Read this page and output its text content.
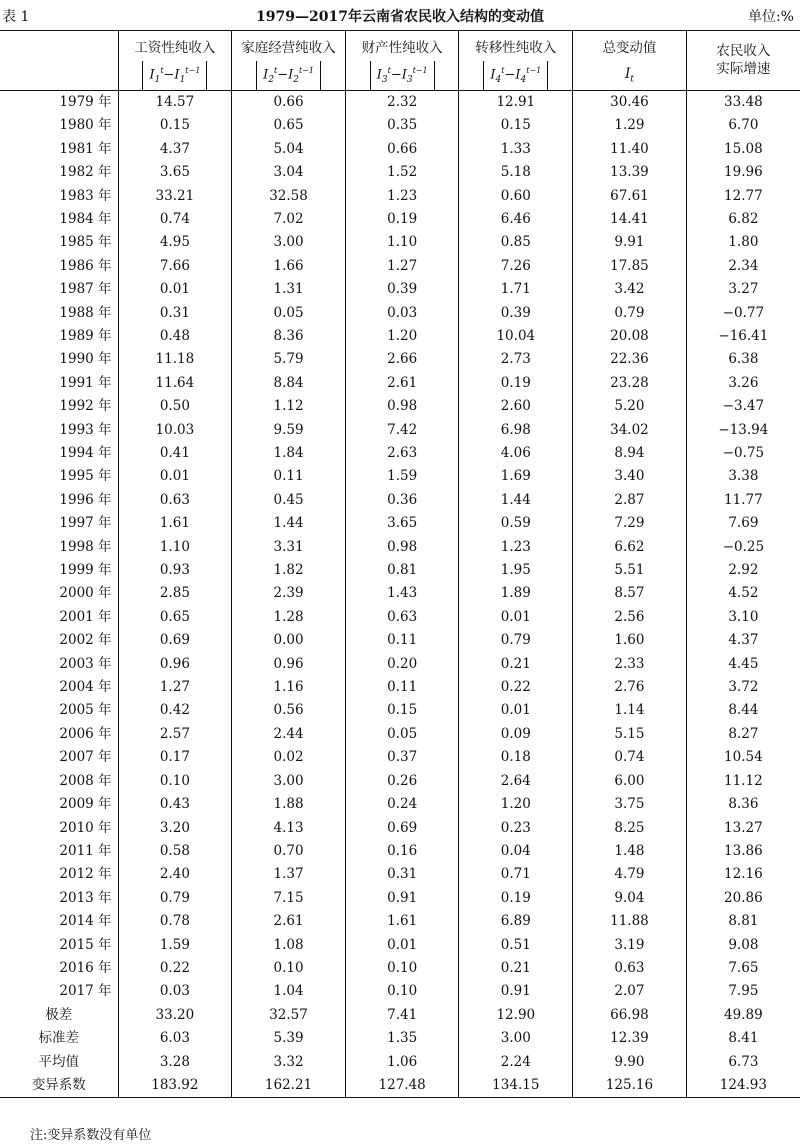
表 1	1979—2017年云南省农民收入结构的变动值	单位:%
	工资性纯收入	家庭经营纯收入	财产性纯收入	转移性纯收入	总变动值	农民收入
实际增速

	$I_1^t-I_1^{t-1}$	$I_2^t-I_2^{t-1}$	$I_3^t-I_3^{t-1}$	$I_4^t-I_4^{t-1}$	$I_t$
1979 年	14.57	0.66	2.32	12.91	30.46	33.48
1980 年	0.15	0.65	0.35	0.15	1.29	6.70
1981 年	4.37	5.04	0.66	1.33	11.40	15.08
1982 年	3.65	3.04	1.52	5.18	13.39	19.96
1983 年	33.21	32.58	1.23	0.60	67.61	12.77
1984 年	0.74	7.02	0.19	6.46	14.41	6.82
1985 年	4.95	3.00	1.10	0.85	9.91	1.80
1986 年	7.66	1.66	1.27	7.26	17.85	2.34
1987 年	0.01	1.31	0.39	1.71	3.42	3.27
1988 年	0.31	0.05	0.03	0.39	0.79	−0.77
1989 年	0.48	8.36	1.20	10.04	20.08	−16.41
1990 年	11.18	5.79	2.66	2.73	22.36	6.38
1991 年	11.64	8.84	2.61	0.19	23.28	3.26
1992 年	0.50	1.12	0.98	2.60	5.20	−3.47
1993 年	10.03	9.59	7.42	6.98	34.02	−13.94
1994 年	0.41	1.84	2.63	4.06	8.94	−0.75
1995 年	0.01	0.11	1.59	1.69	3.40	3.38
1996 年	0.63	0.45	0.36	1.44	2.87	11.77
1997 年	1.61	1.44	3.65	0.59	7.29	7.69
1998 年	1.10	3.31	0.98	1.23	6.62	−0.25
1999 年	0.93	1.82	0.81	1.95	5.51	2.92
2000 年	2.85	2.39	1.43	1.89	8.57	4.52
2001 年	0.65	1.28	0.63	0.01	2.56	3.10
2002 年	0.69	0.00	0.11	0.79	1.60	4.37
2003 年	0.96	0.96	0.20	0.21	2.33	4.45
2004 年	1.27	1.16	0.11	0.22	2.76	3.72
2005 年	0.42	0.56	0.15	0.01	1.14	8.44
2006 年	2.57	2.44	0.05	0.09	5.15	8.27
2007 年	0.17	0.02	0.37	0.18	0.74	10.54
2008 年	0.10	3.00	0.26	2.64	6.00	11.12
2009 年	0.43	1.88	0.24	1.20	3.75	8.36
2010 年	3.20	4.13	0.69	0.23	8.25	13.27
2011 年	0.58	0.70	0.16	0.04	1.48	13.86
2012 年	2.40	1.37	0.31	0.71	4.79	12.16
2013 年	0.79	7.15	0.91	0.19	9.04	20.86
2014 年	0.78	2.61	1.61	6.89	11.88	8.81
2015 年	1.59	1.08	0.01	0.51	3.19	9.08
2016 年	0.22	0.10	0.10	0.21	0.63	7.65
2017 年	0.03	1.04	0.10	0.91	2.07	7.95
极差	33.20	32.57	7.41	12.90	66.98	49.89
标准差	6.03	5.39	1.35	3.00	12.39	8.41
平均值	3.28	3.32	1.06	2.24	9.90	6.73
变异系数	183.92	162.21	127.48	134.15	125.16	124.93
注:变异系数没有单位
